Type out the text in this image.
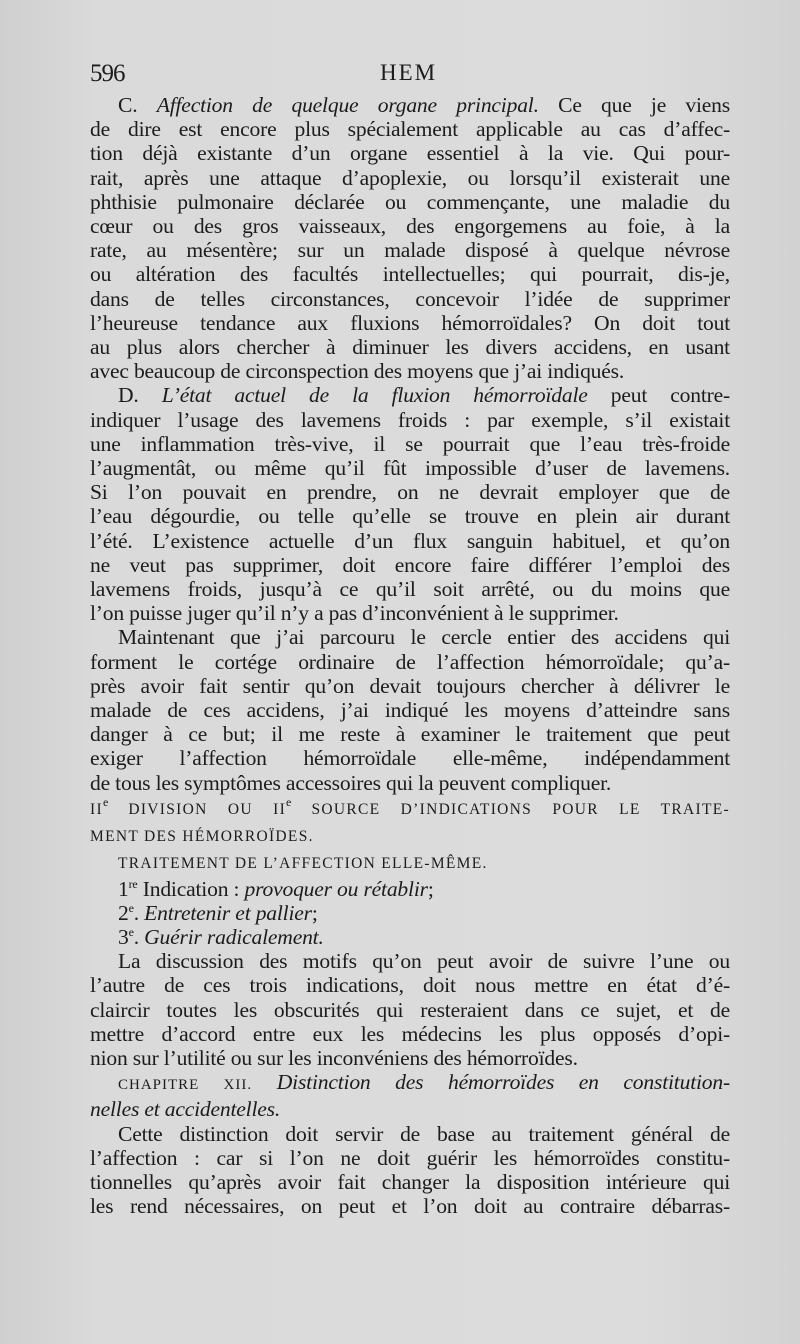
596	HEM
C. Affection de quelque organe principal. Ce que je viens
de dire est encore plus spécialement applicable au cas d’affec-
tion déjà existante d’un organe essentiel à la vie. Qui pour-
rait, après une attaque d’apoplexie, ou lorsqu’il existerait une
phthisie pulmonaire déclarée ou commençante, une maladie du
cœur ou des gros vaisseaux, des engorgemens au foie, à la
rate, au mésentère; sur un malade disposé à quelque névrose
ou altération des facultés intellectuelles; qui pourrait, dis-je,
dans de telles circonstances, concevoir l’idée de supprimer
l’heureuse tendance aux fluxions hémorroïdales? On doit tout
au plus alors chercher à diminuer les divers accidens, en usant
avec beaucoup de circonspection des moyens que j’ai indiqués.
D. L’état actuel de la fluxion hémorroïdale peut contre-
indiquer l’usage des lavemens froids : par exemple, s’il existait
une inflammation très-vive, il se pourrait que l’eau très-froide
l’augmentât, ou même qu’il fût impossible d’user de lavemens.
Si l’on pouvait en prendre, on ne devrait employer que de
l’eau dégourdie, ou telle qu’elle se trouve en plein air durant
l’été. L’existence actuelle d’un flux sanguin habituel, et qu’on
ne veut pas supprimer, doit encore faire différer l’emploi des
lavemens froids, jusqu’à ce qu’il soit arrêté, ou du moins que
l’on puisse juger qu’il n’y a pas d’inconvénient à le supprimer.
Maintenant que j’ai parcouru le cercle entier des accidens qui
forment le cortége ordinaire de l’affection hémorroïdale; qu’a-
près avoir fait sentir qu’on devait toujours chercher à délivrer le
malade de ces accidens, j’ai indiqué les moyens d’atteindre sans
danger à ce but; il me reste à examiner le traitement que peut
exiger l’affection hémorroïdale elle-même, indépendamment
de tous les symptômes accessoires qui la peuvent compliquer.
IIe DIVISION OU IIe SOURCE D’INDICATIONS POUR LE TRAITE-
MENT DES HÉMORROÏDES.
TRAITEMENT DE L’AFFECTION ELLE-MÊME.
1re Indication : provoquer ou rétablir;
2e. Entretenir et pallier;
3e. Guérir radicalement.
La discussion des motifs qu’on peut avoir de suivre l’une ou
l’autre de ces trois indications, doit nous mettre en état d’é-
claircir toutes les obscurités qui resteraient dans ce sujet, et de
mettre d’accord entre eux les médecins les plus opposés d’opi-
nion sur l’utilité ou sur les inconvéniens des hémorroïdes.
CHAPITRE XII. Distinction des hémorroïdes en constitution-
nelles et accidentelles.
Cette distinction doit servir de base au traitement général de
l’affection : car si l’on ne doit guérir les hémorroïdes constitu-
tionnelles qu’après avoir fait changer la disposition intérieure qui
les rend nécessaires, on peut et l’on doit au contraire débarras-
